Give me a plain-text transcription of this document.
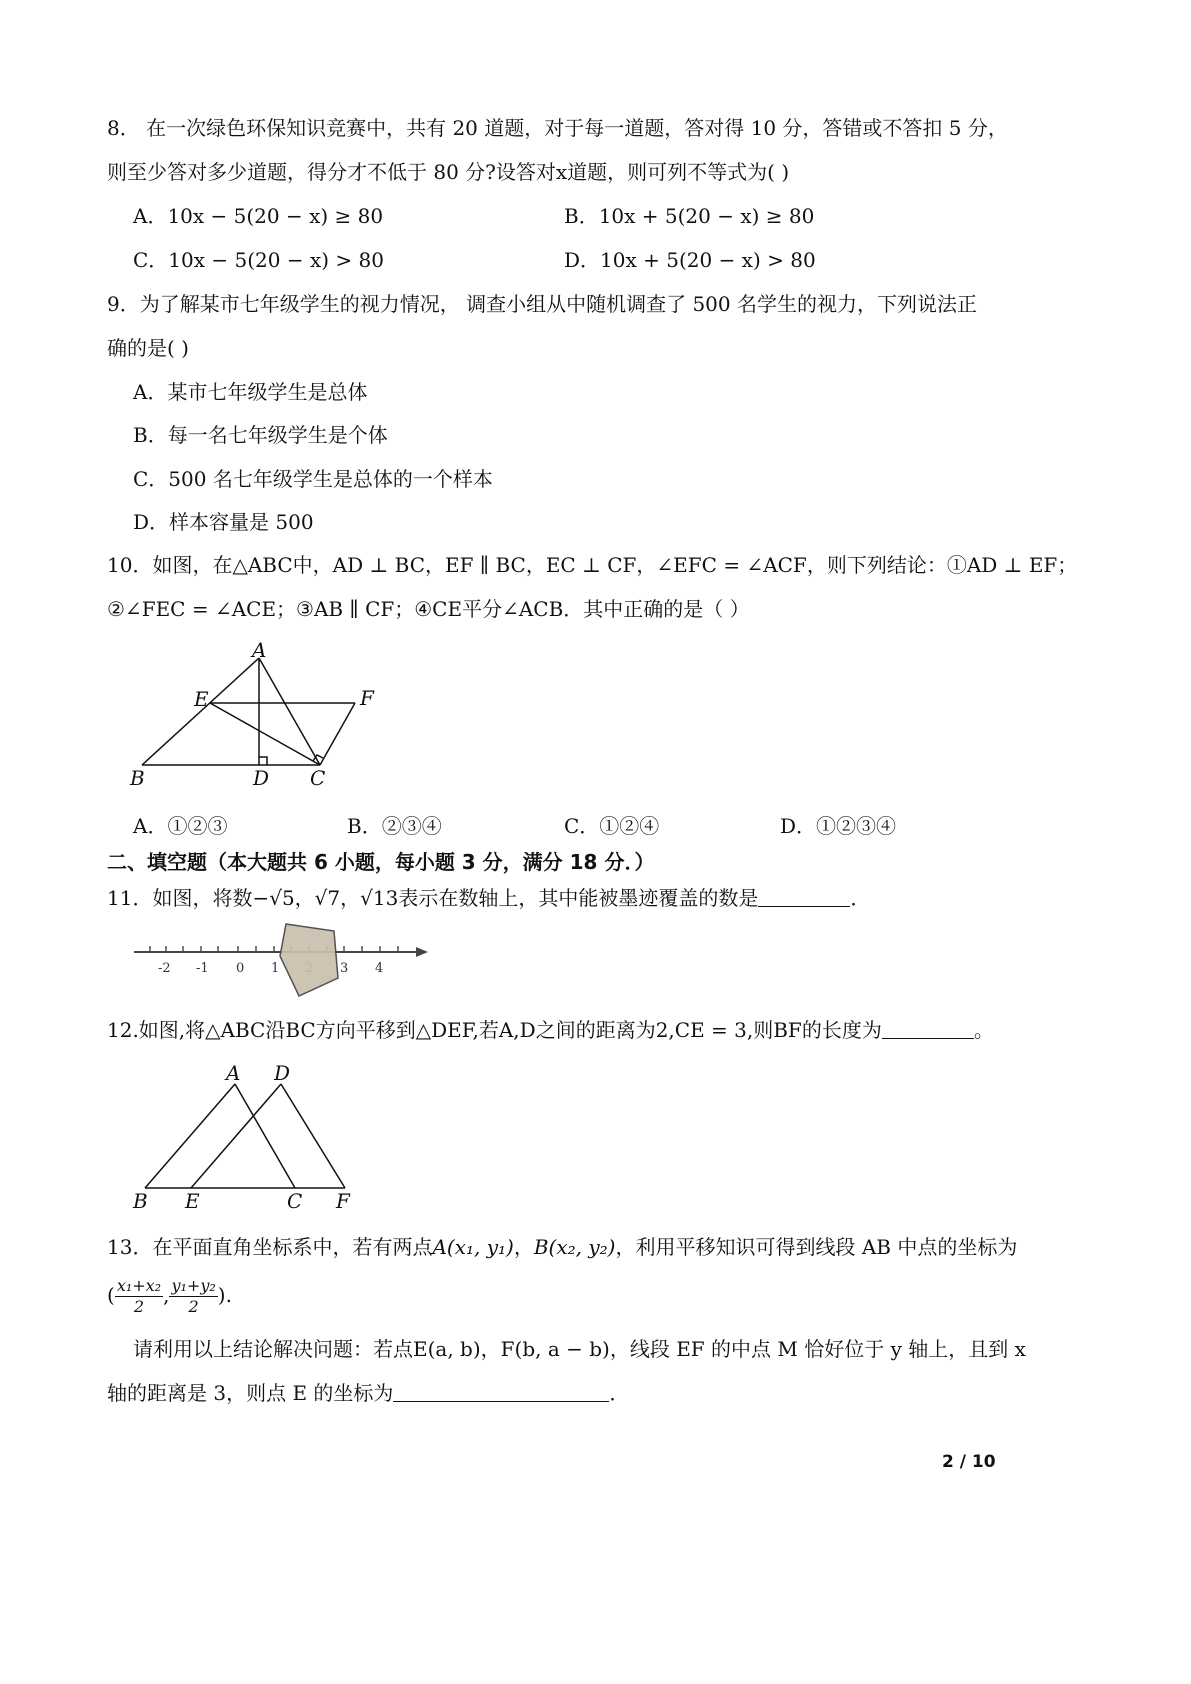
8． 在一次绿色环保知识竞赛中，共有 20 道题，对于每一道题，答对得 10 分，答错或不答扣 5 分，
则至少答对多少道题，得分才不低于 80 分?设答对x道题，则可列不等式为( )
A．10x − 5(20 − x) ≥ 80	B．10x + 5(20 − x) ≥ 80
C．10x − 5(20 − x) > 80	D．10x + 5(20 − x) > 80
9．为了解某市七年级学生的视力情况， 调查小组从中随机调查了 500 名学生的视力，下列说法正
确的是( )
A．某市七年级学生是总体
B．每一名七年级学生是个体
C．500 名七年级学生是总体的一个样本
D．样本容量是 500
10．如图，在△ABC中，AD ⊥ BC，EF ∥ BC，EC ⊥ CF，∠EFC = ∠ACF，则下列结论：①AD ⊥ EF；
②∠FEC = ∠ACE；③AB ∥ CF；④CE平分∠ACB．其中正确的是（ ）
A
E	F
B	D C
A．①②③	B．②③④	C．①②④	D．①②③④
二、填空题（本大题共 6 小题，每小题 3 分，满分 18 分．）
11．如图，将数−√5，√7，√13表示在数轴上，其中能被墨迹覆盖的数是	．
-2 -1 0 1	3 4
12.如图,将△ABC沿BC方向平移到△DEF,若A,D之间的距离为2,CE = 3,则BF的长度为	。
A D
B E	C F
13．在平面直角坐标系中，若有两点A(x₁, y₁)，B(x₂, y₂)，利用平移知识可得到线段 AB 中点的坐标为
( $\frac{\text{x₁+x₂}}{2}$ , $\frac{\text{y₁+y₂}}{2}$ ).
请利用以上结论解决问题：若点E(a, b)，F(b, a − b)，线段 EF 的中点 M 恰好位于 y 轴上，且到 x
轴的距离是 3，则点 E 的坐标为	．
2 / 10
